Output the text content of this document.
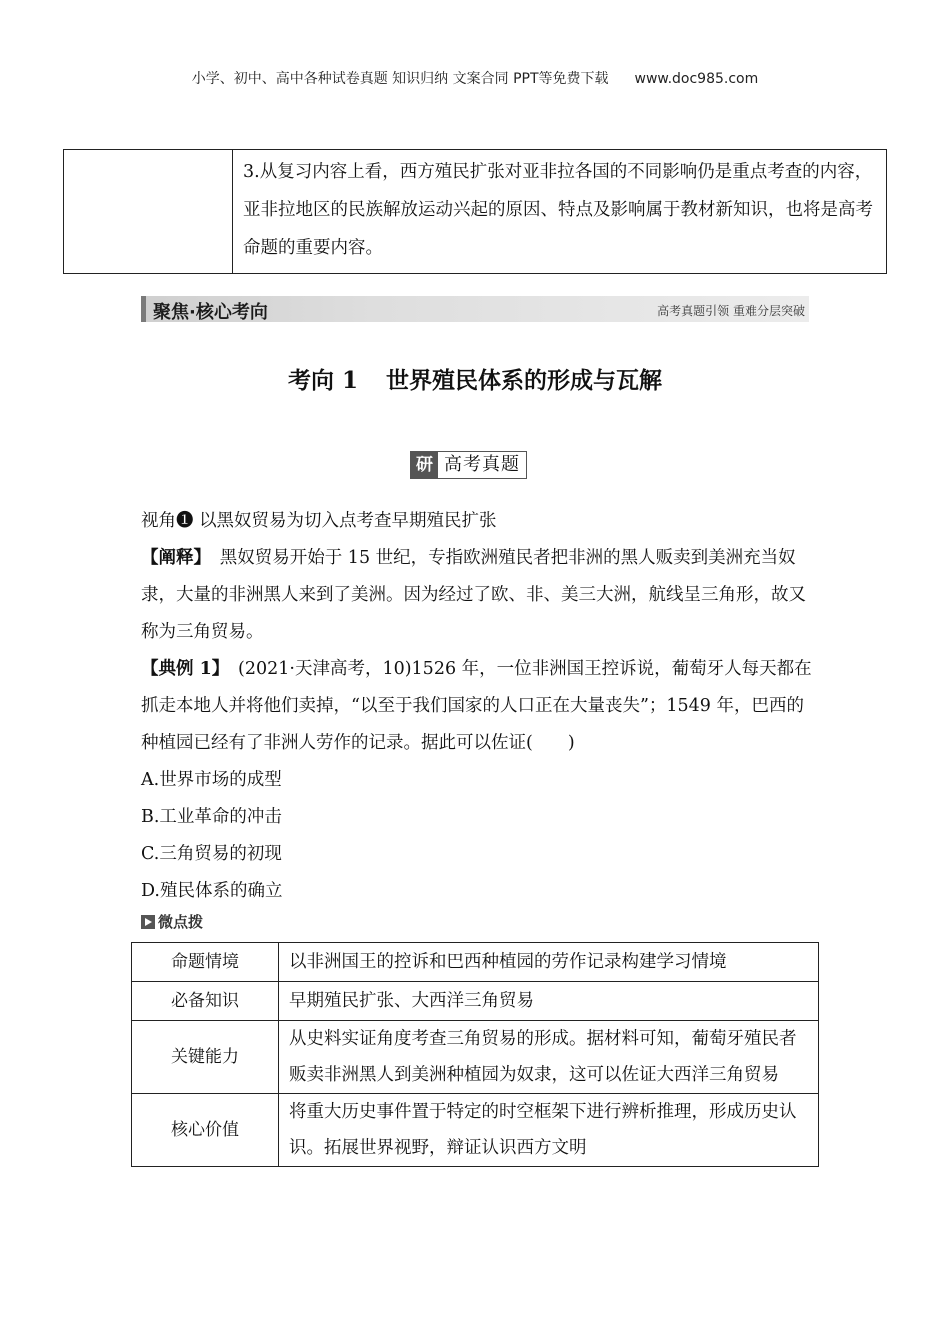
小学、初中、高中各种试卷真题 知识归纳 文案合同 PPT等免费下载 www.doc985.com
	3.从复习内容上看，西方殖民扩张对亚非拉各国的不同影响仍是重点考查的内容，亚非拉地区的民族解放运动兴起的原因、特点及影响属于教材新知识，也将是高考命题的重要内容。
聚焦·核心考向	高考真题引领 重难分层突破
考向 1 世界殖民体系的形成与瓦解
研 高考真题

视角❶ 以黑奴贸易为切入点考查早期殖民扩张

【阐释】　 黑奴贸易开始于 15 世纪，专指欧洲殖民者把非洲的黑人贩卖到美洲充当奴隶，大量的非洲黑人来到了美洲。因为经过了欧、非、美三大洲，航线呈三角形，故又称为三角贸易。

【典例 1】　 (2021·天津高考，10)1526 年，一位非洲国王控诉说，葡萄牙人每天都在抓走本地人并将他们卖掉，“以至于我们国家的人口正在大量丧失”；1549 年，巴西的种植园已经有了非洲人劳作的记录。据此可以佐证(　　)

A.世界市场的成型

B.工业革命的冲击

C.三角贸易的初现

D.殖民体系的确立

微点拨
命题情境	以非洲国王的控诉和巴西种植园的劳作记录构建学习情境
必备知识	早期殖民扩张、大西洋三角贸易
关键能力	从史料实证角度考查三角贸易的形成。据材料可知，葡萄牙殖民者贩卖非洲黑人到美洲种植园为奴隶，这可以佐证大西洋三角贸易
核心价值	将重大历史事件置于特定的时空框架下进行辨析推理，形成历史认识。拓展世界视野，辩证认识西方文明
